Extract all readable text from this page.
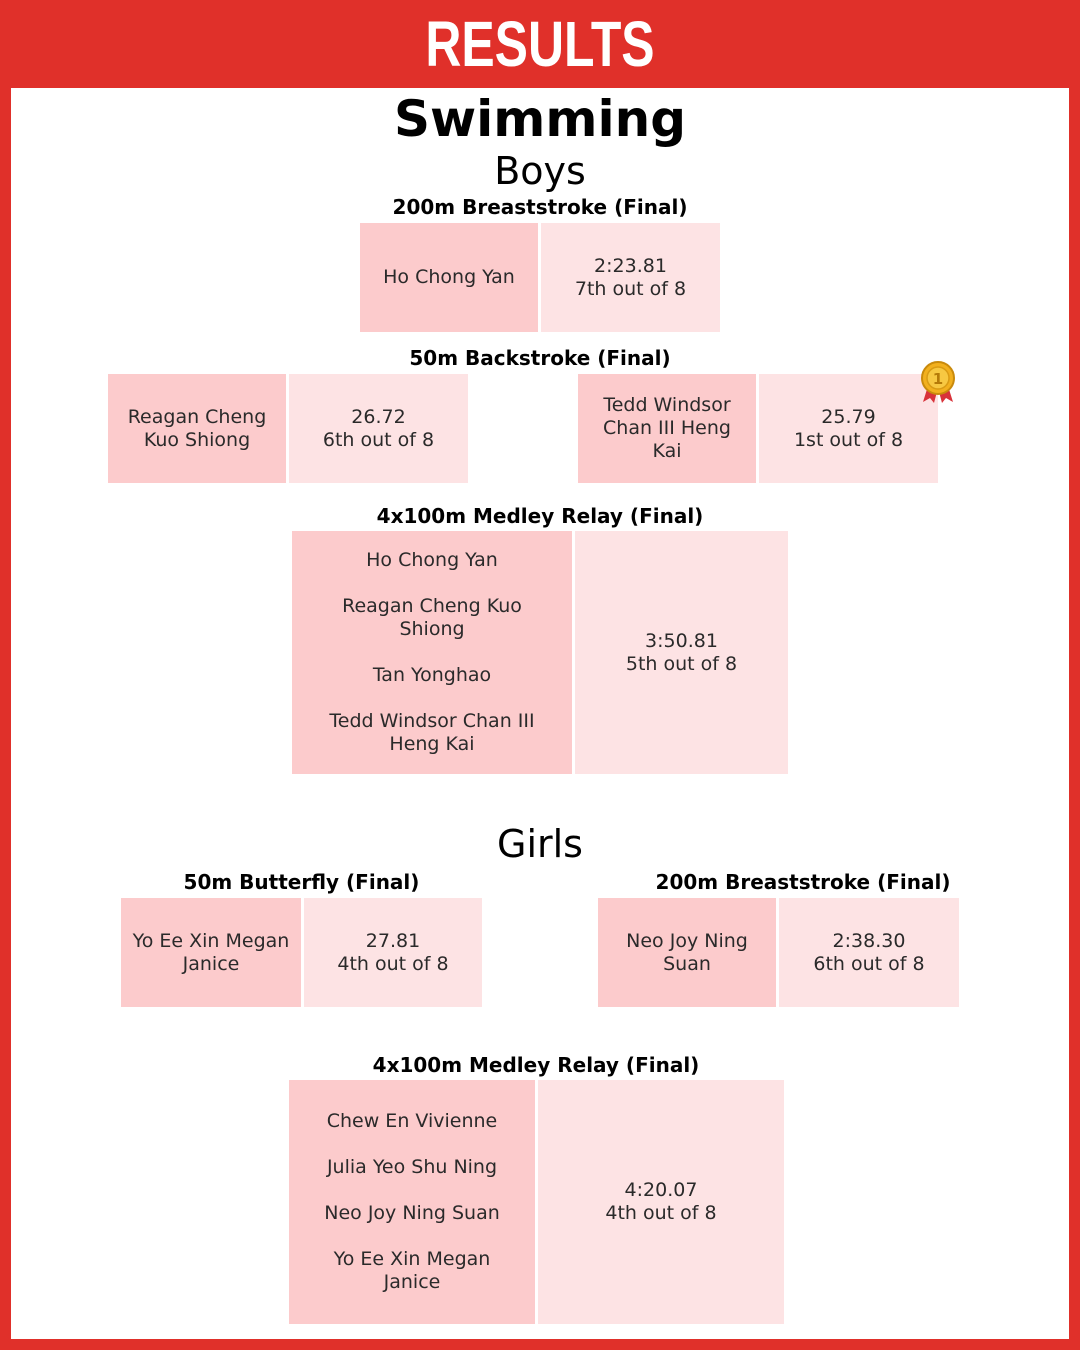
RESULTS
Swimming
Boys
200m Breaststroke (Final)
Ho Chong Yan
2:23.81
7th out of 8
50m Backstroke (Final)
Reagan Cheng Kuo Shiong
26.72
6th out of 8
Tedd Windsor Chan III Heng Kai
25.79
1st out of 8
1
4x100m Medley Relay (Final)
Ho Chong Yan
Reagan Cheng Kuo Shiong
Tan Yonghao
Tedd Windsor Chan III Heng Kai
3:50.81
5th out of 8
Girls
50m Butterfly (Final)
Yo Ee Xin Megan Janice
27.81
4th out of 8
200m Breaststroke (Final)
Neo Joy Ning Suan
2:38.30
6th out of 8
4x100m Medley Relay (Final)
Chew En Vivienne
Julia Yeo Shu Ning
Neo Joy Ning Suan
Yo Ee Xin Megan Janice
4:20.07
4th out of 8
